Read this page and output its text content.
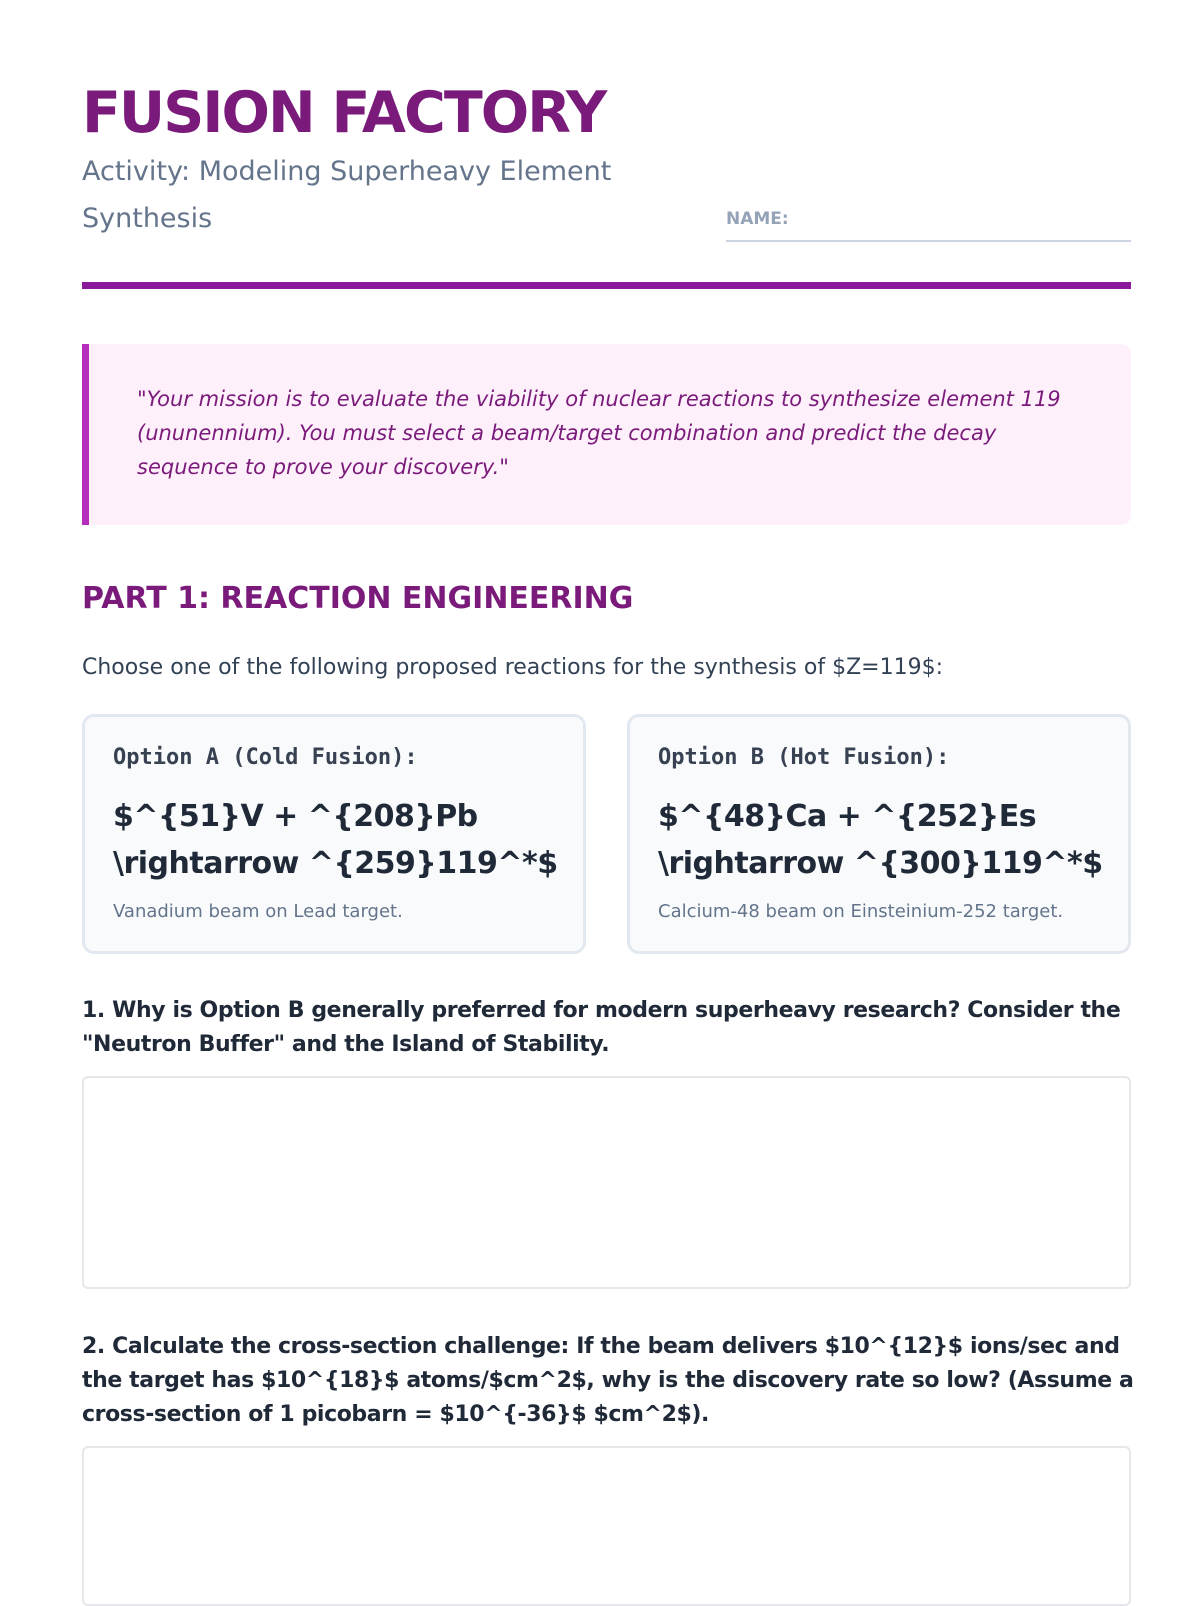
FUSION FACTORY

Activity: Modeling Superheavy Element Synthesis	NAME:

"Your mission is to evaluate the viability of nuclear reactions to synthesize element 119 (ununennium). You must select a beam/target combination and predict the decay sequence to prove your discovery."

PART 1: REACTION ENGINEERING

Choose one of the following proposed reactions for the synthesis of $Z=119$:

Option A (Cold Fusion):

$^{51}V + ^{208}Pb \rightarrow ^{259}119^*$

Vanadium beam on Lead target.

Option B (Hot Fusion):

$^{48}Ca + ^{252}Es \rightarrow ^{300}119^*$

Calcium-48 beam on Einsteinium-252 target.

1. Why is Option B generally preferred for modern superheavy research? Consider the "Neutron Buffer" and the Island of Stability.

2. Calculate the cross-section challenge: If the beam delivers $10^{12}$ ions/sec and the target has $10^{18}$ atoms/$cm^2$, why is the discovery rate so low? (Assume a cross-section of 1 picobarn = $10^{-36}$ $cm^2$).
